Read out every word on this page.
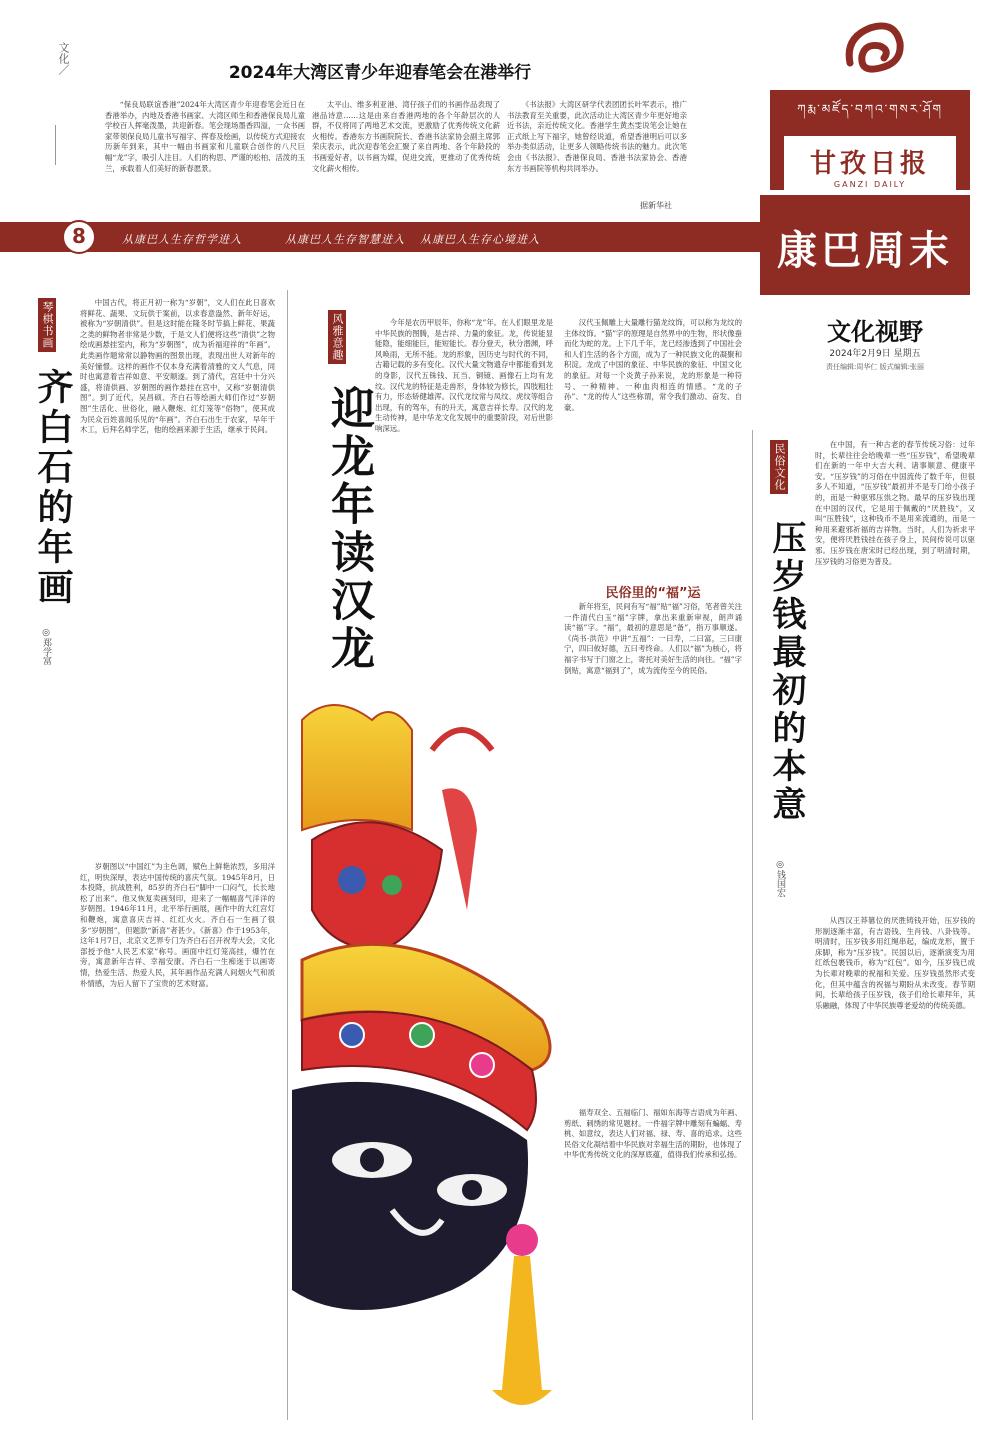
文化／	2024年大湾区青少年迎春笔会在港举行

“保良局联谊香港”2024年大湾区青少年迎春笔会近日在香港举办，内地及香港书画家、大湾区师生和香港保良局儿童学校百人挥毫泼墨，共迎新春。笔会现场墨香四溢，一众书画家带领保良局儿童书写福字、挥春及绘画，以传统方式迎接农历新年到来，其中一幅由书画家和儿童联合创作的八尺巨幅“龙”字，吸引人注目。人们的构思、严谨的松柏、活泼的玉兰，承载着人们美好的新春愿景。

太平山、维多利亚港、湾仔孩子们的书画作品表现了港品诗意……这是由来自香港两地的各个年龄层次的人群，不仅将同了两地艺术交流，更激励了优秀传统文化薪火相传。香港东方书画院院长、香港书法家协会副主席郭荣庆表示，此次迎春笔会汇聚了来自两地、各个年龄段的书画爱好者，以书画为媒，促进交流，更推动了优秀传统文化薪火相传。

《书法报》大湾区研学代表团团长叶军表示，推广书法教育至关重要，此次活动让大湾区青少年更好地亲近书法，亲近传统文化。香港学生黄杰雯说笔会让她在正式纸上写下福字，她曾经说道，希望香港明后可以多举办类似活动，让更多人领略传统书法的魅力。此次笔会由《书法报》、香港保良局、香港书法家协会、香港东方书画院等机构共同举办。

据新华社
ཀརྨ་མཛོད་བཀའ་གསར་ཤོག
甘孜日报
GANZI DAILY
8	从康巴人生存哲学进入	从康巴人生存智慧进入 从康巴人生存心境进入	康巴周末
文化视野
2024年2月9日 星期五
责任编辑:周华仁 版式编辑:张丽
琴棋书画
齐白石的年画
◎郑学富

中国古代，将正月初一称为“岁朝”，文人们在此日喜欢将鲜花、蔬果、文玩供于案前，以求春意盎然、新年好运，被称为“岁朝清供”。但是这时能在隆冬时节搞上鲜花、果蔬之类的鲜物者非常是少数，于是文人们便将这些“清供”之物绘成画悬挂室内，称为“岁朝图”，成为祈福迎祥的“年画”。此类画作题常常以静物画的图景出现，表现出世人对新年的美好憧憬。这样的画作不仅本身充满着清雅的文人气息，同时也寓意着吉祥如意、平安顺遂。到了清代，宫廷中十分兴盛，将清供画、岁朝图的画作悬挂在宫中，又称“岁朝清供图”。到了近代，吴昌硕、齐白石等绘画大师们作过“岁朝图”生活化、世俗化，融入鞭炮、红灯笼等“俗物”，使其成为民众百姓喜闻乐见的“年画”。齐白石出生于农家，早年干木工，后拜名师学艺，他的绘画来源于生活，继承于民间。

岁朝图以“中国红”为主色调，赋色上鲜艳浓烈，多用洋红，明快深厚，表达中国传统的喜庆气氛。1945年8月，日本投降，抗战胜利，85岁的齐白石“脚中一口闷气，长长地松了出来”。他又恢复卖画刻印，迎来了一幅幅喜气洋洋的岁朝图。1946年11月，北平举行画展，画作中的大红宫灯和鞭炮，寓意喜庆吉祥、红红火火。齐白石一生画了很多“岁朝图”，但题款“新喜”者甚少。《新喜》作于1953年，这年1月7日，北京文艺界专门为齐白石召开祝寿大会，文化部授予他“人民艺术家”称号。画面中红灯笼高挂，爆竹在旁，寓意新年吉祥、幸福安康。齐白石一生痴迷于以画寄情，热爱生活、热爱人民，其年画作品充满人间烟火气和质朴情感，为后人留下了宝贵的艺术财富。

风雅意趣
迎龙年读汉龙

今年是农历甲辰年，你称“龙”年。在人们眼里龙是中华民族的图腾，是吉祥、力量的象征。龙，传说能显能隐，能细能巨，能短能长。春分登天，秋分潜渊，呼风唤雨，无所不能。龙的形象，因历史与时代的不同，古籍记载的多有变化。汉代大量文物遗存中都能看到龙的身影，汉代五铢钱、瓦当、铜镜、画像石上均有龙纹。汉代龙的特征是走兽形，身体较为修长，四肢粗壮有力，形态矫健雄浑。汉代龙纹常与凤纹、虎纹等组合出现，有的驾车，有的升天，寓意吉祥长寿。汉代的龙生动传神，是中华龙文化发展中的重要阶段，对后世影响深远。

汉代玉佩雕上大量雕行猫龙纹饰，可以称为龙纹的主体纹饰。“猫”字的原理是自然界中的生物，形状像蚕而化为蛇的龙。上下几千年，龙已经渗透到了中国社会和人们生活的各个方面，成为了一种民族文化的凝聚和积淀。龙成了中国的象征、中华民族的象征、中国文化的象征。对每一个炎黄子孙来说，龙的形象是一种符号、一种精神、一种血肉相连的情感。“龙的子孙”、“龙的传人”这些称谓，常令我们激动、奋发、自豪。

民俗里的“福”运

新年将至，民间有写“福”贴“福”习俗，笔者曾关注一件清代白玉“福”字牌，拿出来重新审视，朗声诵读“福”字。“福”，最初的意思是“备”，指万事顺遂。《尚书·洪范》中讲“五福”：一曰寿，二曰富，三曰康宁，四曰攸好德，五曰考终命。人们以“福”为核心，将福字书写于门窗之上，寄托对美好生活的向往。“福”字倒贴，寓意“福到了”，成为流传至今的民俗。

福寿双全、五福临门、福如东海等吉语成为年画、剪纸、刺绣的常见题材。一件福字牌中雕刻有蝙蝠、寿桃、如意纹，表达人们对福、禄、寿、喜的追求。这些民俗文化凝结着中华民族对幸福生活的期盼，也体现了中华优秀传统文化的深厚底蕴，值得我们传承和弘扬。

民俗文化
压岁钱最初的本意
◎钱国宏

在中国，有一种古老的春节传统习俗：过年时，长辈往往会给晚辈一些“压岁钱”，希望晚辈们在新的一年中大吉大利、诸事顺意、健康平安。“压岁钱”的习俗在中国流传了数千年，但很多人不知道，“压岁钱”最初并不是专门给小孩子的，而是一种驱邪压祟之物。最早的压岁钱出现在中国的汉代，它是用于佩戴的“厌胜钱”，又叫“压胜钱”，这种钱币不是用来流通的，而是一种用来避邪祈福的吉祥物。当时，人们为祈求平安，便将厌胜钱挂在孩子身上，民间传说可以驱邪。压岁钱在唐宋时已经出现，到了明清时期，压岁钱的习俗更为普及。

从西汉王莽篡位的厌胜铸钱开始，压岁钱的形制逐渐丰富，有吉语钱、生肖钱、八卦钱等。明清时，压岁钱多用红绳串起，编成龙形，置于床脚，称为“压岁钱”。民国以后，逐渐演变为用红纸包裹钱币，称为“红包”。如今，压岁钱已成为长辈对晚辈的祝福和关爱。压岁钱虽然形式变化，但其中蕴含的祝福与期盼从未改变。春节期间，长辈给孩子压岁钱，孩子们给长辈拜年，其乐融融，体现了中华民族尊老爱幼的传统美德。
